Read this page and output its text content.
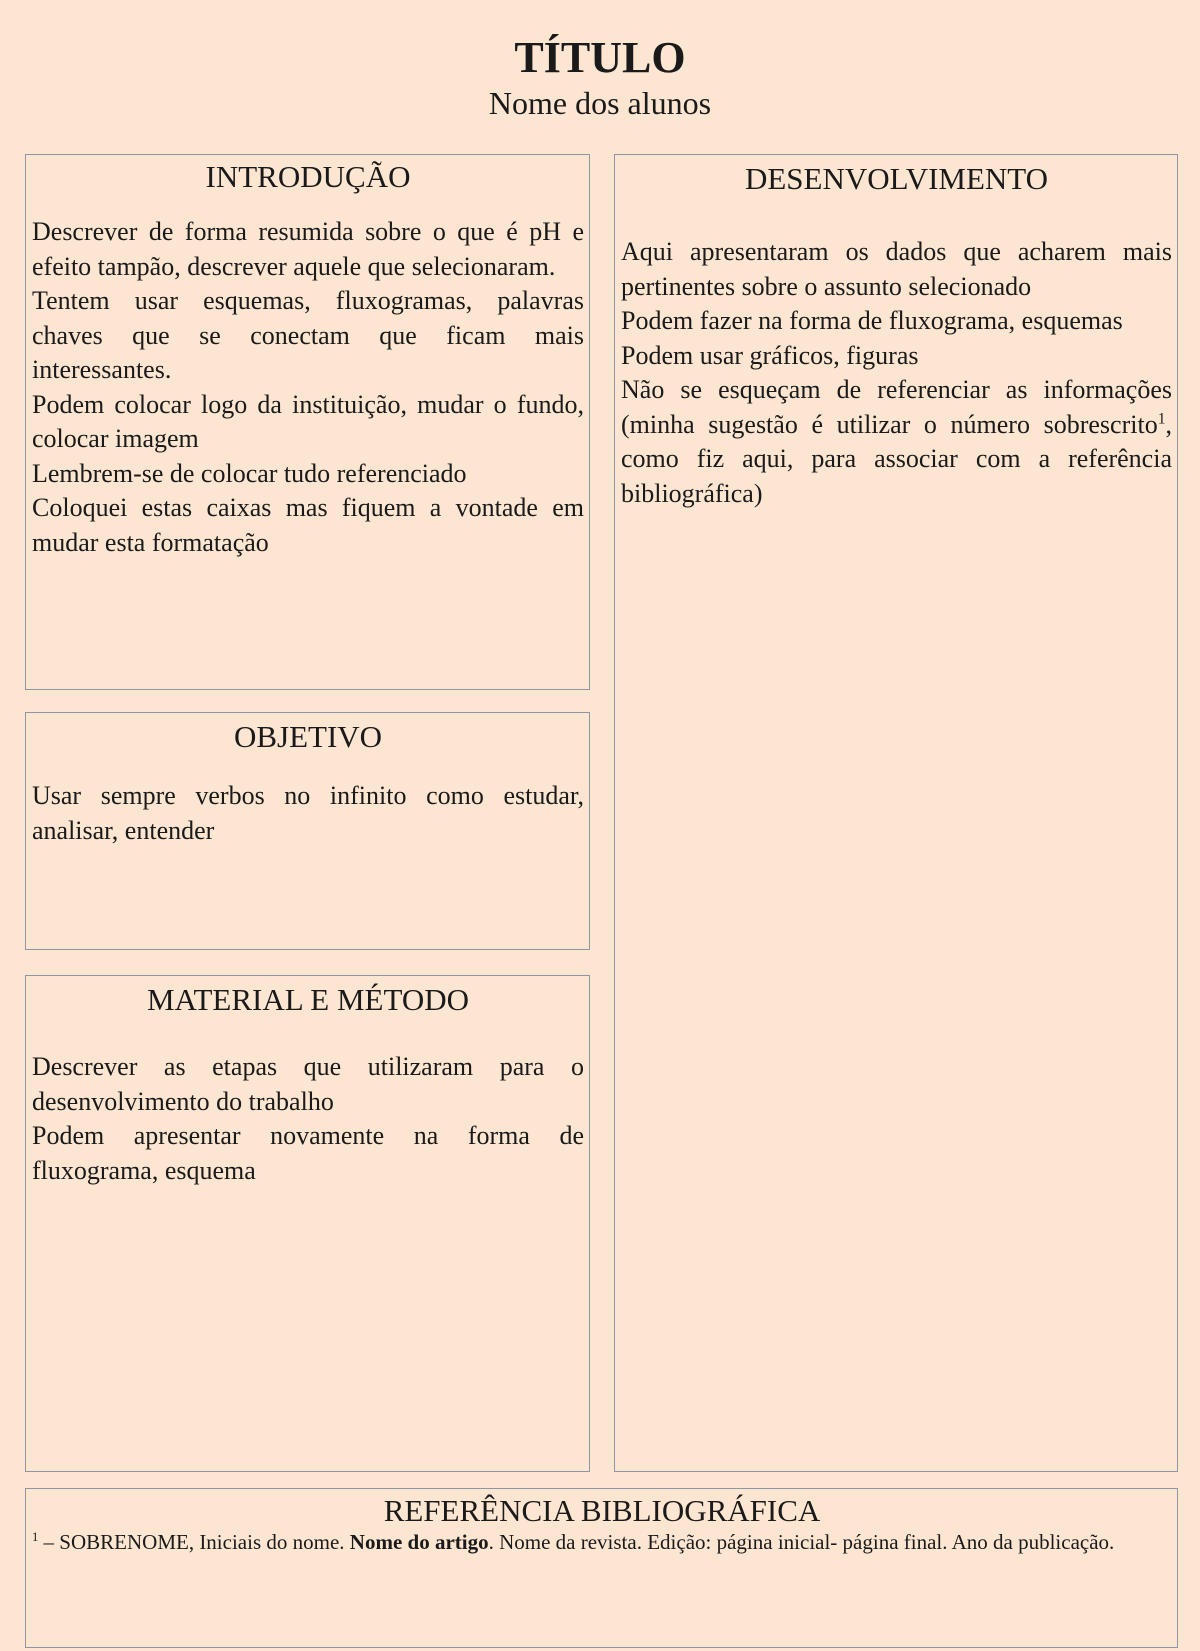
TÍTULO
Nome dos alunos
INTRODUÇÃO

Descrever de forma resumida sobre o que é pH e efeito tampão, descrever aquele que selecionaram.

Tentem usar esquemas, fluxogramas, palavras chaves que se conectam que ficam mais interessantes.

Podem colocar logo da instituição, mudar o fundo, colocar imagem

Lembrem-se de colocar tudo referenciado

Coloquei estas caixas mas fiquem a vontade em mudar esta formatação

OBJETIVO

Usar sempre verbos no infinito como estudar, analisar, entender

MATERIAL E MÉTODO

Descrever as etapas que utilizaram para o desenvolvimento do trabalho

Podem apresentar novamente na forma de fluxograma, esquema

DESENVOLVIMENTO

Aqui apresentaram os dados que acharem mais pertinentes sobre o assunto selecionado

Podem fazer na forma de fluxograma, esquemas

Podem usar gráficos, figuras

Não se esqueçam de referenciar as informações (minha sugestão é utilizar o número sobrescrito$^1$, como fiz aqui, para associar com a referência bibliográfica)

REFERÊNCIA BIBLIOGRÁFICA

$^1$ – SOBRENOME, Iniciais do nome. Nome do artigo. Nome da revista. Edição: página inicial- página final. Ano da publicação.
